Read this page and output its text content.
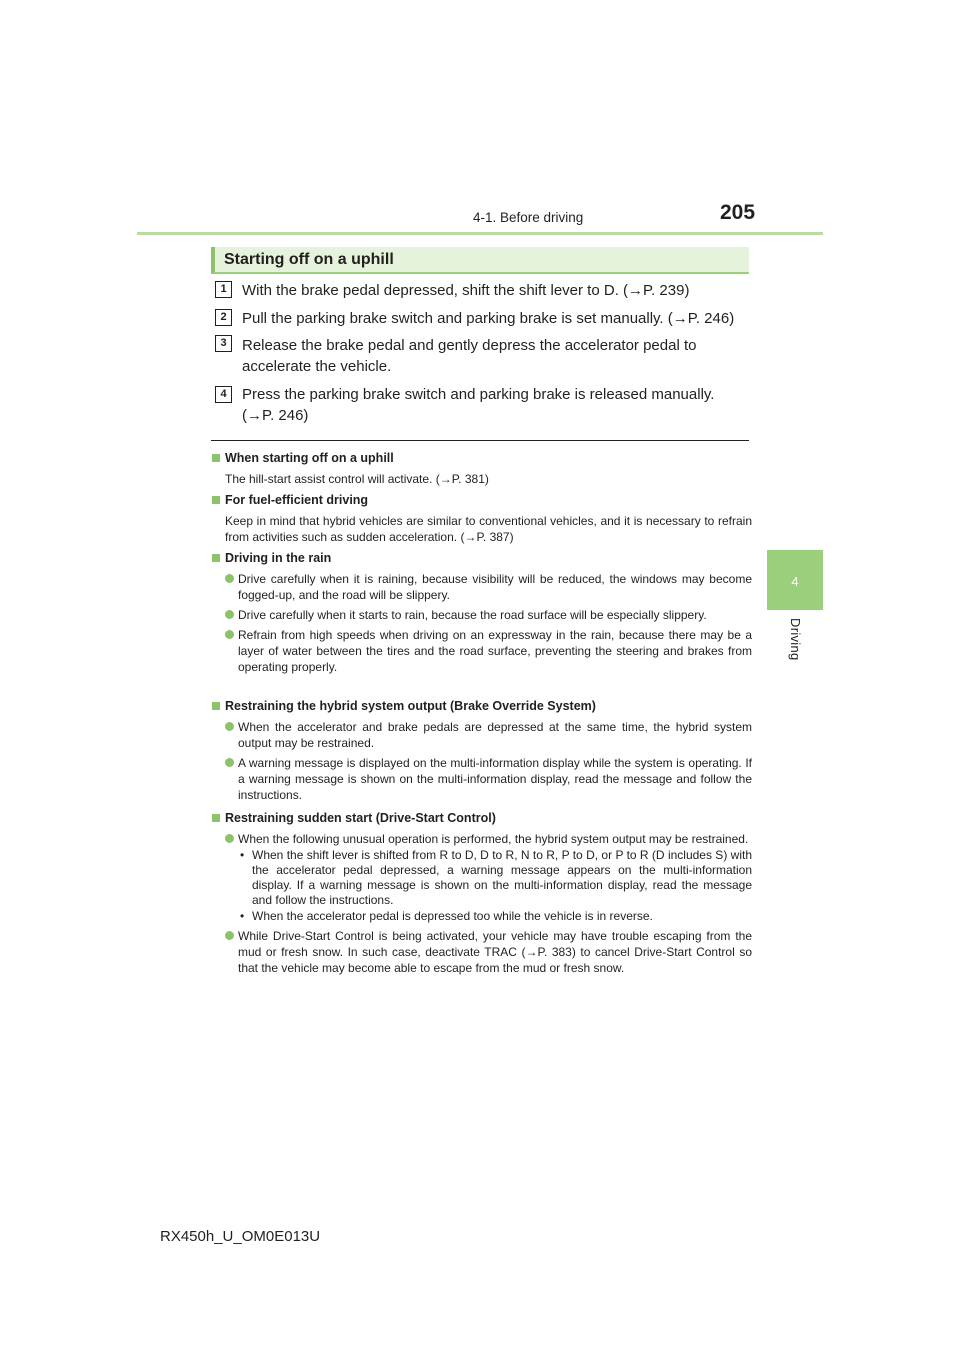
4-1. Before driving	205
4
Driving
Starting off on a uphill
1	With the brake pedal depressed, shift the shift lever to D. (→P. 239)
2	Pull the parking brake switch and parking brake is set manually. (→P. 246)
3	Release the brake pedal and gently depress the accelerator pedal to accelerate the vehicle.
4	Press the parking brake switch and parking brake is released manually. (→P. 246)
When starting off on a uphill
The hill-start assist control will activate. (→P. 381)
For fuel-efficient driving
Keep in mind that hybrid vehicles are similar to conventional vehicles, and it is necessary to refrain from activities such as sudden acceleration. (→P. 387)
Driving in the rain
Drive carefully when it is raining, because visibility will be reduced, the windows may become fogged-up, and the road will be slippery.
Drive carefully when it starts to rain, because the road surface will be especially slippery.
Refrain from high speeds when driving on an expressway in the rain, because there may be a layer of water between the tires and the road surface, preventing the steering and brakes from operating properly.
Restraining the hybrid system output (Brake Override System)
When the accelerator and brake pedals are depressed at the same time, the hybrid system output may be restrained.
A warning message is displayed on the multi-information display while the system is operating. If a warning message is shown on the multi-information display, read the message and follow the instructions.
Restraining sudden start (Drive-Start Control)
When the following unusual operation is performed, the hybrid system output may be restrained.
• When the shift lever is shifted from R to D, D to R, N to R, P to D, or P to R (D includes S) with the accelerator pedal depressed, a warning message appears on the multi-information display. If a warning message is shown on the multi-information display, read the message and follow the instructions.
• When the accelerator pedal is depressed too while the vehicle is in reverse.
While Drive-Start Control is being activated, your vehicle may have trouble escaping from the mud or fresh snow. In such case, deactivate TRAC (→P. 383) to cancel Drive-Start Control so that the vehicle may become able to escape from the mud or fresh snow.
RX450h_U_OM0E013U
